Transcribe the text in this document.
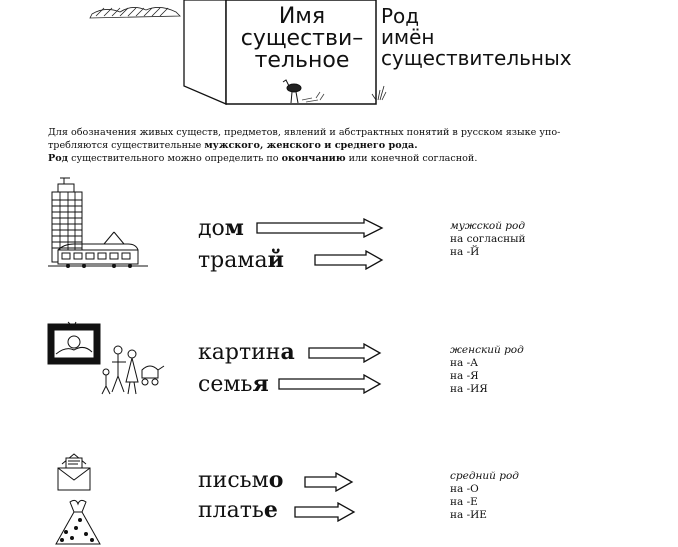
Имя
существи–
тельное
Род
имён
существительных

Для обозначения живых существ, предметов, явлений и абстрактных понятий в русском языке упо-

требляются существительные мужского, женского и среднего рода.

Род существительного можно определить по окончанию или конечной согласной.

дом
трамай
мужской род
на согласный
на -Й
картина
семья
женский род
на -А
на -Я
на -ИЯ
письмо
платье
средний род
на -О
на -Е
на -ИЕ
